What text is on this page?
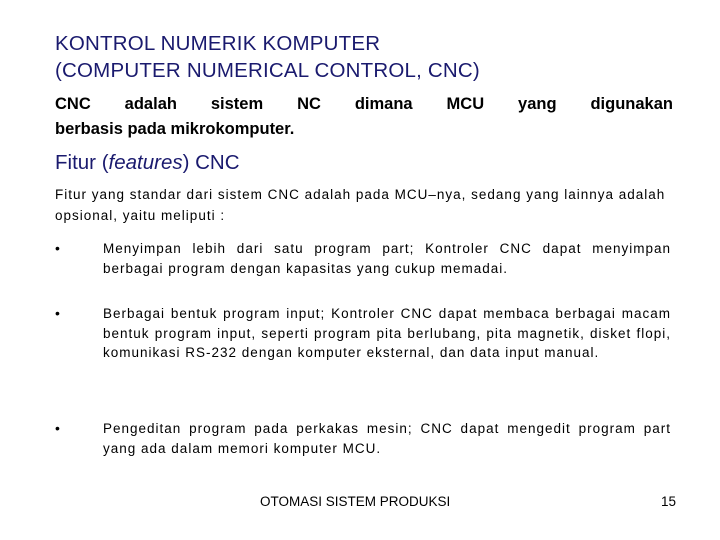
KONTROL NUMERIK KOMPUTER
(COMPUTER NUMERICAL CONTROL, CNC)
CNC adalah sistem NC dimana MCU yang digunakan
berbasis pada mikrokomputer.
Fitur (features) CNC
Fitur yang standar dari sistem CNC adalah pada MCU–nya, sedang yang lainnya adalah opsional, yaitu meliputi :
•	Menyimpan lebih dari satu program part; Kontroler CNC dapat menyimpan berbagai program dengan kapasitas yang cukup memadai.
•	Berbagai bentuk program input; Kontroler CNC dapat membaca berbagai macam bentuk program input, seperti program pita berlubang, pita magnetik, disket flopi, komunikasi RS-232 dengan komputer eksternal, dan data input manual.
•	Pengeditan program pada perkakas mesin; CNC dapat mengedit program part yang ada dalam memori komputer MCU.
OTOMASI SISTEM PRODUKSI	15
